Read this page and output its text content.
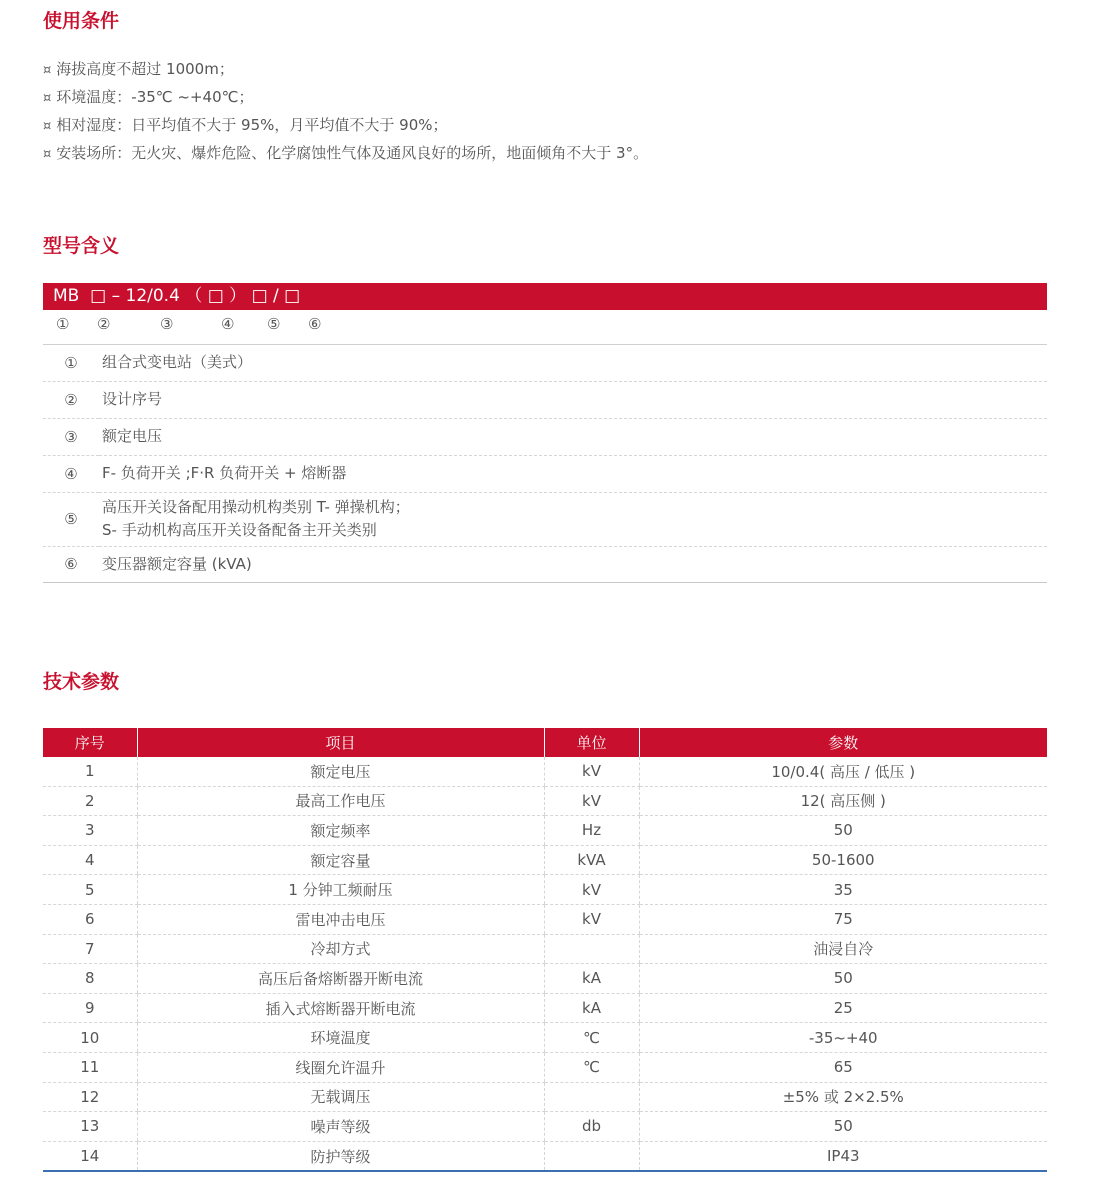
使用条件
¤ 海拔高度不超过 1000m；
¤ 环境温度：-35℃ ~+40℃；
¤ 相对湿度：日平均值不大于 95%，月平均值不大于 90%；
¤ 安装场所：无火灾、爆炸危险、化学腐蚀性气体及通风良好的场所，地面倾角不大于 3°。
型号含义
MB  □ – 12/0.4 （ □ ） □ / □
① ②	③	④ ⑤ ⑥
①	组合式变电站（美式）
②	设计序号
③	额定电压
④	F- 负荷开关 ;F·R 负荷开关 + 熔断器
⑤	高压开关设备配用操动机构类别 T- 弹操机构；
S- 手动机构高压开关设备配备主开关类别

⑥	变压器额定容量 (kVA)
技术参数
序号	项目	单位	参数
1	额定电压	kV	10/0.4( 高压 / 低压 )
2	最高工作电压	kV	12( 高压侧 )
3	额定频率	Hz	50
4	额定容量	kVA	50-1600
5	1 分钟工频耐压	kV	35
6	雷电冲击电压	kV	75
7	冷却方式		油浸自冷
8	高压后备熔断器开断电流	kA	50
9	插入式熔断器开断电流	kA	25
10	环境温度	℃	-35~+40
11	线圈允许温升	℃	65
12	无载调压		±5% 或 2×2.5%
13	噪声等级	db	50
14	防护等级		IP43
